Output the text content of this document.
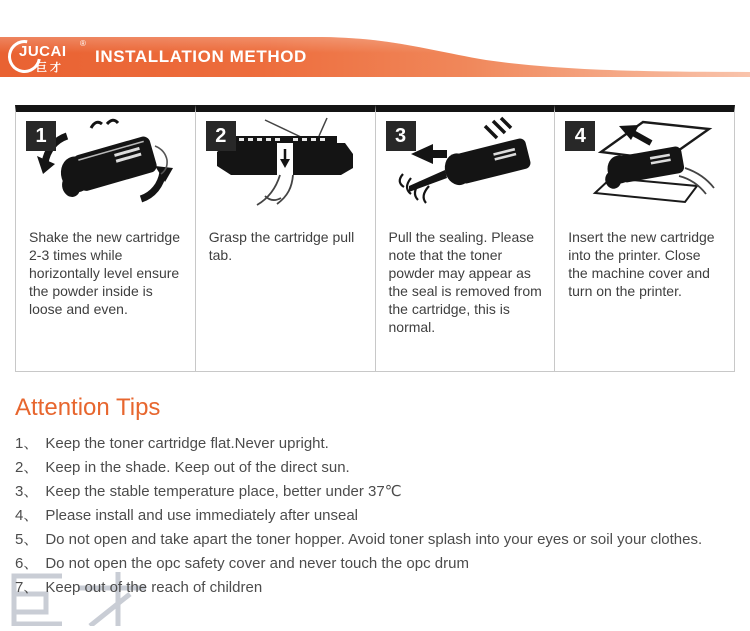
JUCAI ®
巨才
INSTALLATION METHOD
1
Shake the new cartridge 2-3 times while horizontally level ensure the powder inside is loose and even.
2
Grasp the cartridge pull tab.
3
Pull the sealing. Please note that the toner powder may appear as the seal is removed from the cartridge, this is normal.
4
Insert the new cartridge into the printer. Close the machine cover and turn on the printer.
Attention Tips
1、 Keep the toner cartridge flat.Never upright.
2、 Keep in the shade. Keep out of the direct sun.
3、 Keep the stable temperature place, better under 37℃
4、 Please install and use immediately after unseal
5、 Do not open and take apart the toner hopper. Avoid toner splash into your eyes or soil your clothes.
6、 Do not open the opc safety cover and never touch the opc drum
7、 Keep out of the reach of children
